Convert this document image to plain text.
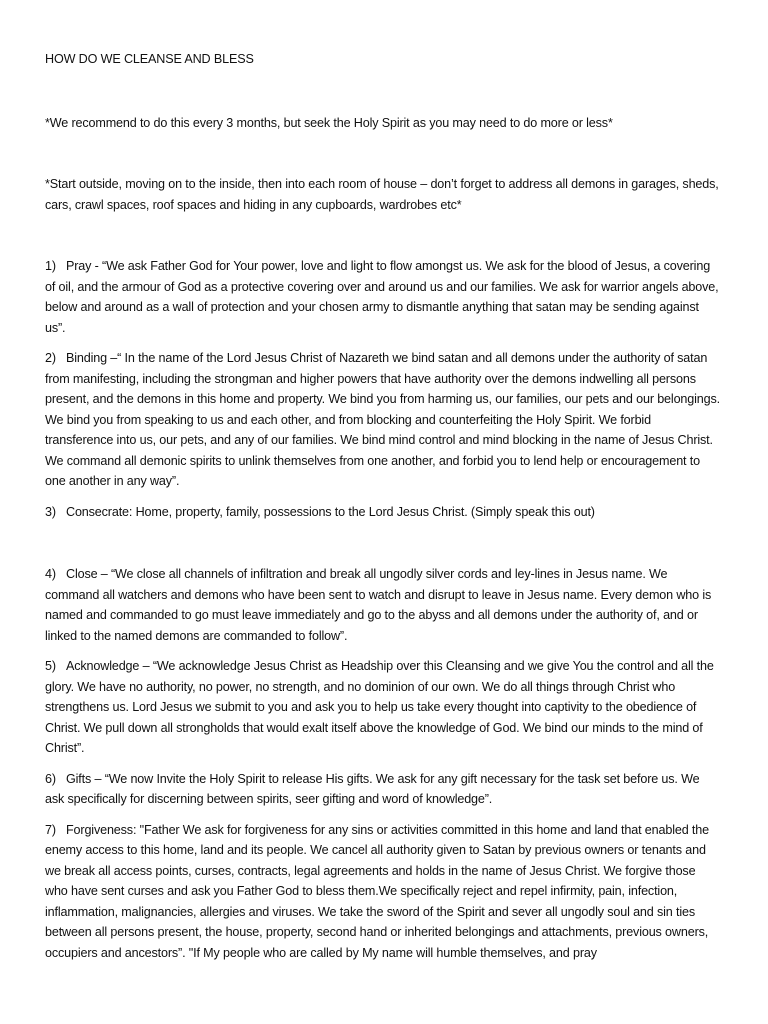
HOW DO WE CLEANSE AND BLESS

*We recommend to do this every 3 months, but seek the Holy Spirit as you may need to do more or less*

*Start outside, moving on to the inside, then into each room of house – don’t forget to address all demons in garages, sheds, cars, crawl spaces, roof spaces and hiding in any cupboards, wardrobes etc*

1) Pray - “We ask Father God for Your power, love and light to flow amongst us. We ask for the blood of Jesus, a covering of oil, and the armour of God as a protective covering over and around us and our families. We ask for warrior angels above, below and around as a wall of protection and your chosen army to dismantle anything that satan may be sending against us”.

2) Binding –“ In the name of the Lord Jesus Christ of Nazareth we bind satan and all demons under the authority of satan from manifesting, including the strongman and higher powers that have authority over the demons indwelling all persons present, and the demons in this home and property. We bind you from harming us, our families, our pets and our belongings. We bind you from speaking to us and each other, and from blocking and counterfeiting the Holy Spirit. We forbid transference into us, our pets, and any of our families. We bind mind control and mind blocking in the name of Jesus Christ. We command all demonic spirits to unlink themselves from one another, and forbid you to lend help or encouragement to one another in any way”.

3) Consecrate: Home, property, family, possessions to the Lord Jesus Christ. (Simply speak this out)

4) Close – “We close all channels of infiltration and break all ungodly silver cords and ley-lines in Jesus name. We command all watchers and demons who have been sent to watch and disrupt to leave in Jesus name. Every demon who is named and commanded to go must leave immediately and go to the abyss and all demons under the authority of, and or linked to the named demons are commanded to follow”.

5) Acknowledge – “We acknowledge Jesus Christ as Headship over this Cleansing and we give You the control and all the glory. We have no authority, no power, no strength, and no dominion of our own. We do all things through Christ who strengthens us. Lord Jesus we submit to you and ask you to help us take every thought into captivity to the obedience of Christ. We pull down all strongholds that would exalt itself above the knowledge of God. We bind our minds to the mind of Christ”.

6) Gifts – “We now Invite the Holy Spirit to release His gifts. We ask for any gift necessary for the task set before us. We ask specifically for discerning between spirits, seer gifting and word of knowledge”.

7) Forgiveness: "Father We ask for forgiveness for any sins or activities committed in this home and land that enabled the enemy access to this home, land and its people. We cancel all authority given to Satan by previous owners or tenants and we break all access points, curses, contracts, legal agreements and holds in the name of Jesus Christ. We forgive those who have sent curses and ask you Father God to bless them.We specifically reject and repel infirmity, pain, infection, inflammation, malignancies, allergies and viruses. We take the sword of the Spirit and sever all ungodly soul and sin ties between all persons present, the house, property, second hand or inherited belongings and attachments, previous owners, occupiers and ancestors”. "If My people who are called by My name will humble themselves, and pray
